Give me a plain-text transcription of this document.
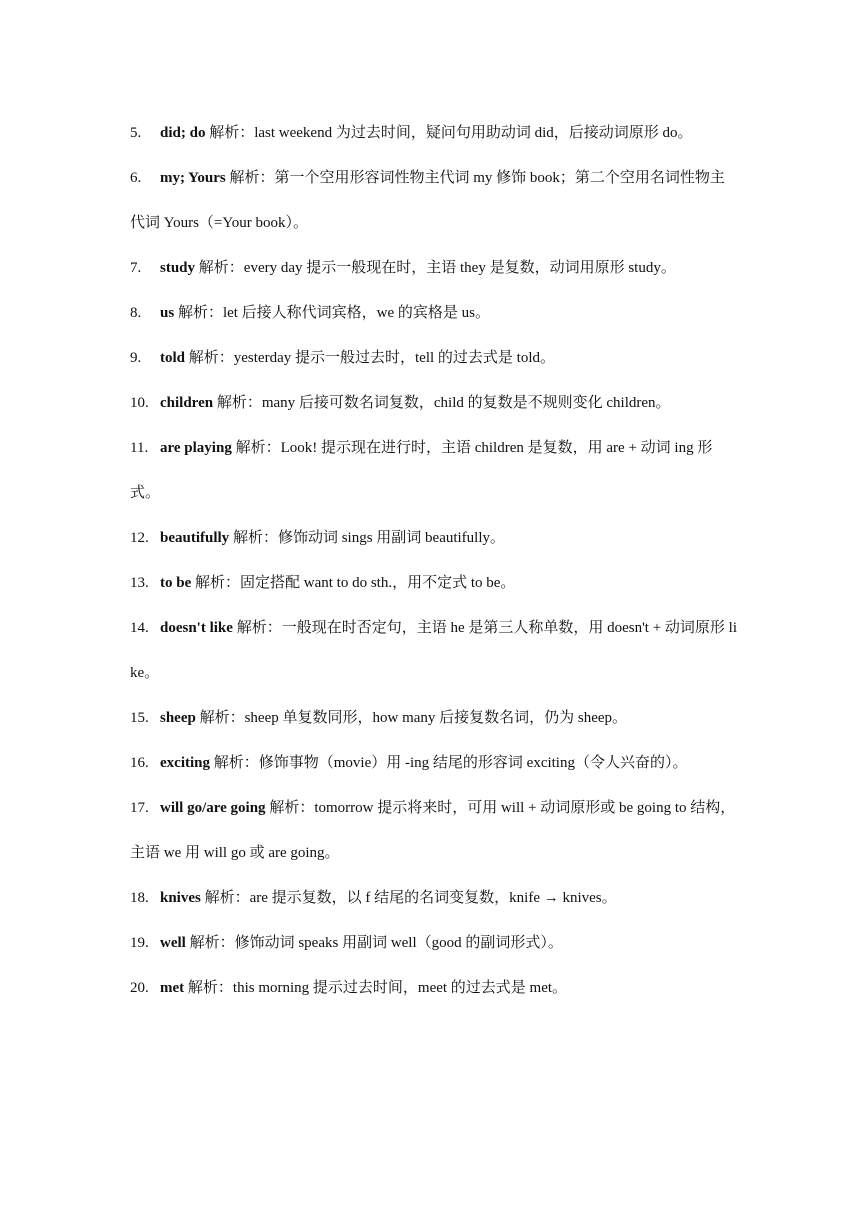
5. did; do 解析：last weekend 为过去时间，疑问句用助动词 did，后接动词原形 do。

6. my; Yours 解析：第一个空用形容词性物主代词 my 修饰 book；第二个空用名词性物主代词 Yours（=Your book）。

7. study 解析：every day 提示一般现在时，主语 they 是复数，动词用原形 study。

8. us 解析：let 后接人称代词宾格，we 的宾格是 us。

9. told 解析：yesterday 提示一般过去时，tell 的过去式是 told。

10. children 解析：many 后接可数名词复数，child 的复数是不规则变化 children。

11. are playing 解析：Look! 提示现在进行时，主语 children 是复数，用 are + 动词 ing 形式。

12. beautifully 解析：修饰动词 sings 用副词 beautifully。

13. to be 解析：固定搭配 want to do sth.，用不定式 to be。

14. doesn't like 解析：一般现在时否定句，主语 he 是第三人称单数，用 doesn't + 动词原形 like。

15. sheep 解析：sheep 单复数同形，how many 后接复数名词，仍为 sheep。

16. exciting 解析：修饰事物（movie）用 -ing 结尾的形容词 exciting（令人兴奋的）。

17. will go/are going 解析：tomorrow 提示将来时，可用 will + 动词原形或 be going to 结构，主语 we 用 will go 或 are going。

18. knives 解析：are 提示复数，以 f 结尾的名词变复数，knife → knives。

19. well 解析：修饰动词 speaks 用副词 well（good 的副词形式）。

20. met 解析：this morning 提示过去时间，meet 的过去式是 met。
